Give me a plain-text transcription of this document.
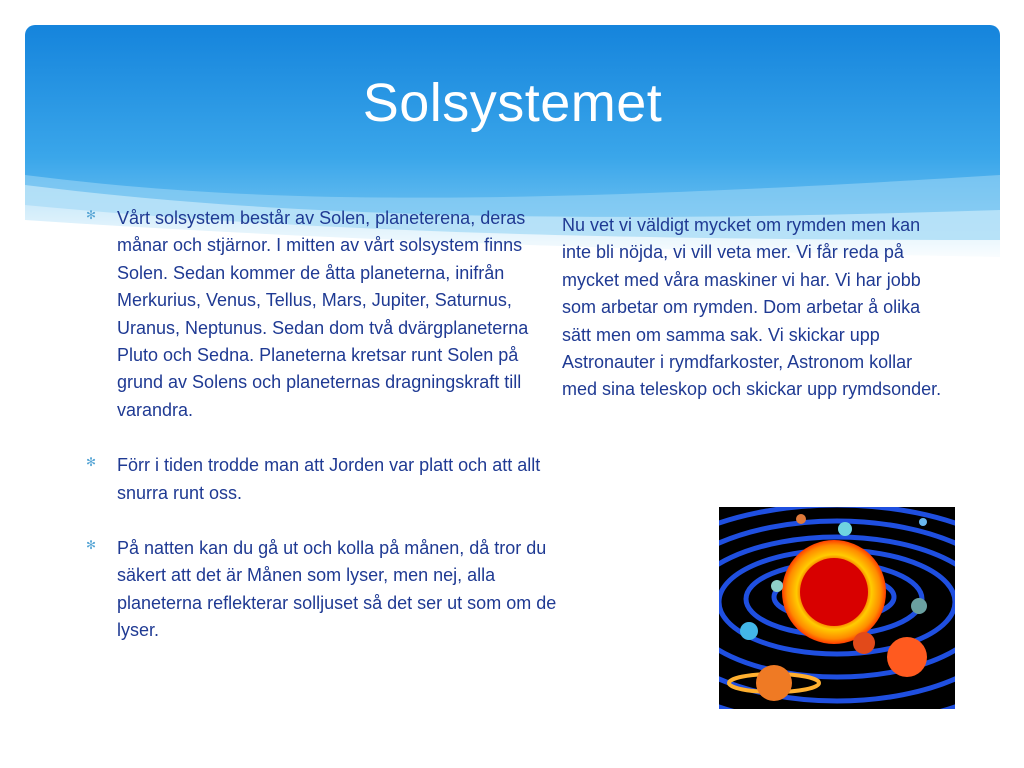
Solsystemet
✻ Vårt solsystem består av Solen, planeterena, deras månar och stjärnor. I mitten av vårt solsystem finns Solen. Sedan kommer de åtta planeterna, inifrån Merkurius, Venus, Tellus, Mars, Jupiter, Saturnus, Uranus, Neptunus. Sedan dom två dvärgplaneterna Pluto och Sedna. Planeterna kretsar runt Solen på grund av Solens och planeternas dragningskraft till varandra.
✻ Förr i tiden trodde man att Jorden var platt och att allt snurra runt oss.
✻ På natten kan du gå ut och kolla på månen, då tror du säkert att det är Månen som lyser, men nej, alla planeterna reflekterar solljuset så det ser ut som om de lyser.
Nu vet vi väldigt mycket om rymden men kan inte bli nöjda, vi vill veta mer. Vi får reda på mycket med våra maskiner vi har. Vi har jobb som arbetar om rymden. Dom arbetar å olika sätt men om samma sak. Vi skickar upp Astronauter i rymdfarkoster, Astronom kollar med sina teleskop och skickar upp rymdsonder.
